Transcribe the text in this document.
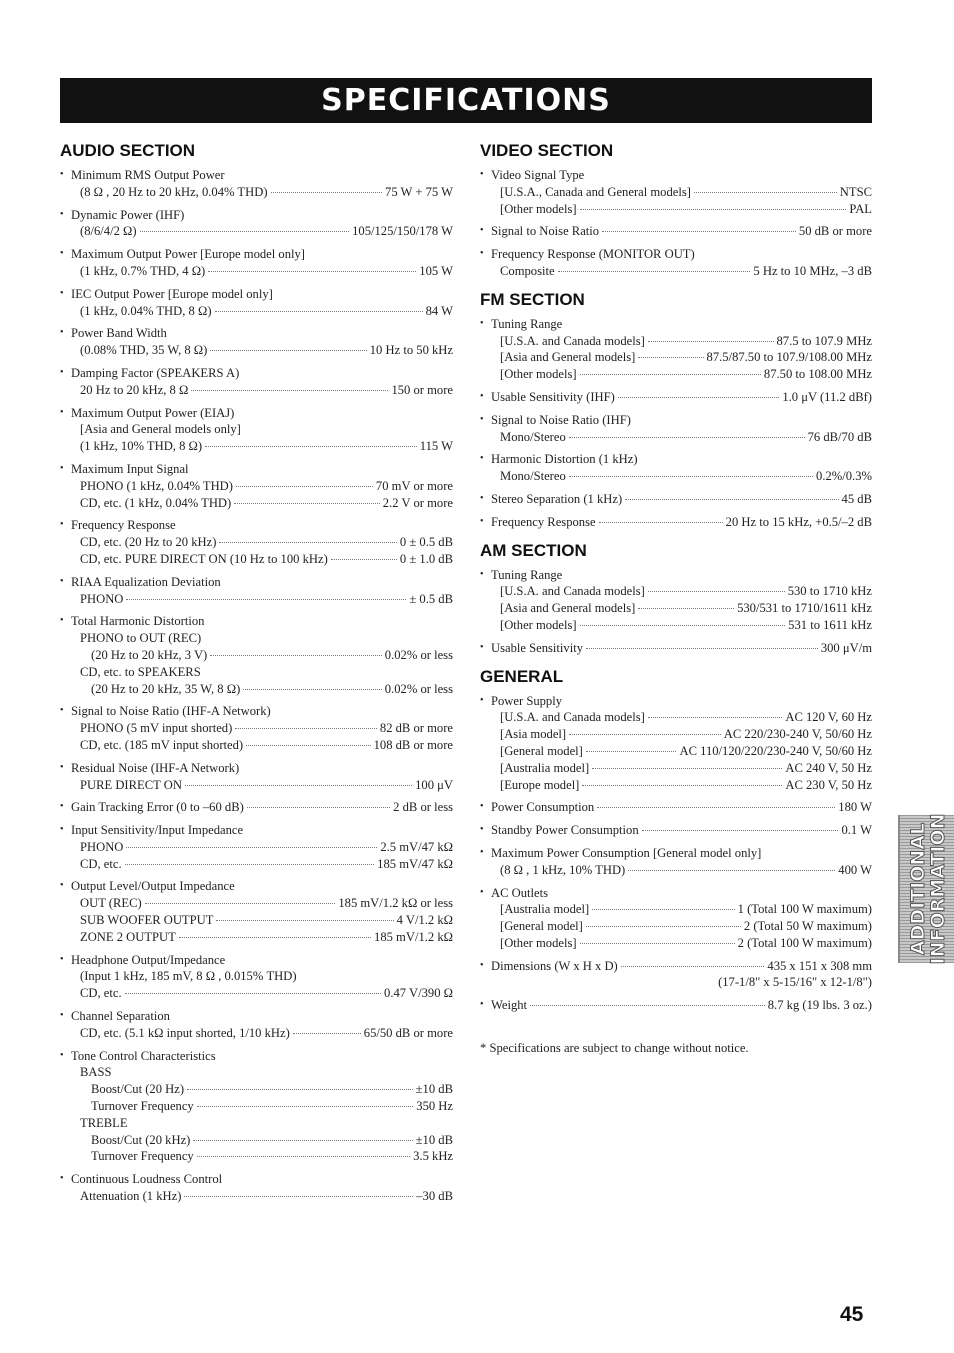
SPECIFICATIONS
AUDIO SECTION
• Minimum RMS Output Power
(8 Ω , 20 Hz to 20 kHz, 0.04% THD)	75 W + 75 W
• Dynamic Power (IHF)
(8/6/4/2 Ω)	105/125/150/178 W
• Maximum Output Power [Europe model only]
(1 kHz, 0.7% THD, 4 Ω)	105 W
• IEC Output Power [Europe model only]
(1 kHz, 0.04% THD, 8 Ω)	84 W
• Power Band Width
(0.08% THD, 35 W, 8 Ω)	10 Hz to 50 kHz
• Damping Factor (SPEAKERS A)
20 Hz to 20 kHz, 8 Ω	150 or more
• Maximum Output Power (EIAJ)
[Asia and General models only]
(1 kHz, 10% THD, 8 Ω)	115 W
• Maximum Input Signal
PHONO (1 kHz, 0.04% THD)	70 mV or more
CD, etc. (1 kHz, 0.04% THD)	2.2 V or more
• Frequency Response
CD, etc. (20 Hz to 20 kHz)	0 ± 0.5 dB
CD, etc. PURE DIRECT ON (10 Hz to 100 kHz)	0 ± 1.0 dB
• RIAA Equalization Deviation
PHONO	± 0.5 dB
• Total Harmonic Distortion
PHONO to OUT (REC)
(20 Hz to 20 kHz, 3 V)	0.02% or less
CD, etc. to SPEAKERS
(20 Hz to 20 kHz, 35 W, 8 Ω)	0.02% or less
• Signal to Noise Ratio (IHF-A Network)
PHONO (5 mV input shorted)	82 dB or more
CD, etc. (185 mV input shorted)	108 dB or more
• Residual Noise (IHF-A Network)
PURE DIRECT ON	100 μV
• Gain Tracking Error (0 to –60 dB)	2 dB or less
• Input Sensitivity/Input Impedance
PHONO	2.5 mV/47 kΩ
CD, etc.	185 mV/47 kΩ
• Output Level/Output Impedance
OUT (REC)	185 mV/1.2 kΩ or less
SUB WOOFER OUTPUT	4 V/1.2 kΩ
ZONE 2 OUTPUT	185 mV/1.2 kΩ
• Headphone Output/Impedance
(Input 1 kHz, 185 mV, 8 Ω , 0.015% THD)
CD, etc.	0.47 V/390 Ω
• Channel Separation
CD, etc. (5.1 kΩ input shorted, 1/10 kHz)	65/50 dB or more
• Tone Control Characteristics
BASS
Boost/Cut (20 Hz)	±10 dB
Turnover Frequency	350 Hz
TREBLE
Boost/Cut (20 kHz)	±10 dB
Turnover Frequency	3.5 kHz
• Continuous Loudness Control
Attenuation (1 kHz)	–30 dB
VIDEO SECTION
• Video Signal Type
[U.S.A., Canada and General models]	NTSC
[Other models]	PAL
• Signal to Noise Ratio	50 dB or more
• Frequency Response (MONITOR OUT)
Composite	5 Hz to 10 MHz, –3 dB
FM SECTION
• Tuning Range
[U.S.A. and Canada models]	87.5 to 107.9 MHz
[Asia and General models]	87.5/87.50 to 107.9/108.00 MHz
[Other models]	87.50 to 108.00 MHz
• Usable Sensitivity (IHF)	1.0 μV (11.2 dBf)
• Signal to Noise Ratio (IHF)
Mono/Stereo	76 dB/70 dB
• Harmonic Distortion (1 kHz)
Mono/Stereo	0.2%/0.3%
• Stereo Separation (1 kHz)	45 dB
• Frequency Response	20 Hz to 15 kHz, +0.5/–2 dB
AM SECTION
• Tuning Range
[U.S.A. and Canada models]	530 to 1710 kHz
[Asia and General models]	530/531 to 1710/1611 kHz
[Other models]	531 to 1611 kHz
• Usable Sensitivity	300 μV/m
GENERAL
• Power Supply
[U.S.A. and Canada models]	AC 120 V, 60 Hz
[Asia model]	AC 220/230-240 V, 50/60 Hz
[General model]	AC 110/120/220/230-240 V, 50/60 Hz
[Australia model]	AC 240 V, 50 Hz
[Europe model]	AC 230 V, 50 Hz
• Power Consumption	180 W
• Standby Power Consumption	0.1 W
• Maximum Power Consumption [General model only]
(8 Ω , 1 kHz, 10% THD)	400 W
• AC Outlets
[Australia model]	1 (Total 100 W maximum)
[General model]	2 (Total 50 W maximum)
[Other models]	2 (Total 100 W maximum)
• Dimensions (W x H x D)	435 x 151 x 308 mm
(17-1/8" x 5-15/16" x 12-1/8")
• Weight	8.7 kg (19 lbs. 3 oz.)
* Specifications are subject to change without notice.
ADDITIONAL
INFORMATION
45
